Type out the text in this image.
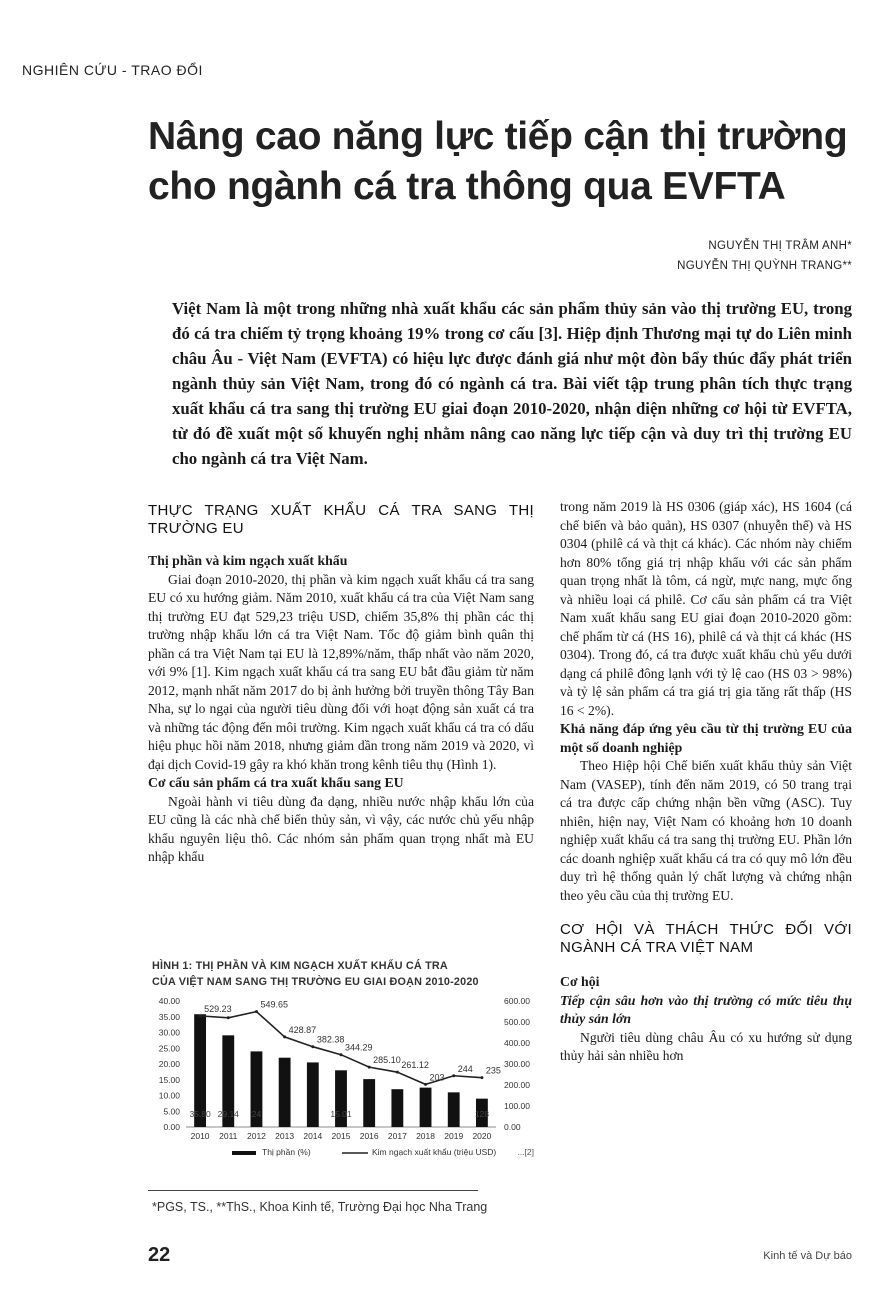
NGHIÊN CỨU - TRAO ĐỔI
Nâng cao năng lực tiếp cận thị trường
cho ngành cá tra thông qua EVFTA
NGUYỄN THỊ TRÂM ANH*
NGUYỄN THỊ QUỲNH TRANG**
Việt Nam là một trong những nhà xuất khẩu các sản phẩm thủy sản vào thị trường EU, trong đó cá tra chiếm tỷ trọng khoảng 19% trong cơ cấu [3]. Hiệp định Thương mại tự do Liên minh châu Âu - Việt Nam (EVFTA) có hiệu lực được đánh giá như một đòn bẩy thúc đẩy phát triển ngành thủy sản Việt Nam, trong đó có ngành cá tra. Bài viết tập trung phân tích thực trạng xuất khẩu cá tra sang thị trường EU giai đoạn 2010-2020, nhận diện những cơ hội từ EVFTA, từ đó đề xuất một số khuyến nghị nhằm nâng cao năng lực tiếp cận và duy trì thị trường EU cho ngành cá tra Việt Nam.
THỰC TRẠNG XUẤT KHẨU CÁ TRA SANG THỊ TRƯỜNG EU
Thị phần và kim ngạch xuất khẩu

Giai đoạn 2010-2020, thị phần và kim ngạch xuất khẩu cá tra sang EU có xu hướng giảm. Năm 2010, xuất khẩu cá tra của Việt Nam sang thị trường EU đạt 529,23 triệu USD, chiếm 35,8% thị phần các thị trường nhập khẩu lớn cá tra Việt Nam. Tốc độ giảm bình quân thị phần cá tra Việt Nam tại EU là 12,89%/năm, thấp nhất vào năm 2020, với 9% [1]. Kim ngạch xuất khẩu cá tra sang EU bắt đầu giảm từ năm 2012, mạnh nhất năm 2017 do bị ảnh hưởng bởi truyền thông Tây Ban Nha, sự lo ngại của người tiêu dùng đối với hoạt động sản xuất cá tra và những tác động đến môi trường. Kim ngạch xuất khẩu cá tra có dấu hiệu phục hồi năm 2018, nhưng giảm dần trong năm 2019 và 2020, vì đại dịch Covid-19 gây ra khó khăn trong kênh tiêu thụ (Hình 1).

Cơ cấu sản phẩm cá tra xuất khẩu sang EU

Ngoài hành vi tiêu dùng đa dạng, nhiều nước nhập khẩu lớn của EU cũng là các nhà chế biến thủy sản, vì vậy, các nước chủ yếu nhập khẩu nguyên liệu thô. Các nhóm sản phẩm quan trọng nhất mà EU nhập khẩu

trong năm 2019 là HS 0306 (giáp xác), HS 1604 (cá chế biến và bảo quản), HS 0307 (nhuyễn thể) và HS 0304 (philê cá và thịt cá khác). Các nhóm này chiếm hơn 80% tổng giá trị nhập khẩu với các sản phẩm quan trọng nhất là tôm, cá ngừ, mực nang, mực ống và nhiều loại cá philê. Cơ cấu sản phẩm cá tra Việt Nam xuất khẩu sang EU giai đoạn 2010-2020 gồm: chế phẩm từ cá (HS 16), philê cá và thịt cá khác (HS 0304). Trong đó, cá tra được xuất khẩu chủ yếu dưới dạng cá philê đông lạnh với tỷ lệ cao (HS 03 > 98%) và tỷ lệ sản phẩm cá tra giá trị gia tăng rất thấp (HS 16 < 2%).

Khả năng đáp ứng yêu cầu từ thị trường EU của một số doanh nghiệp

Theo Hiệp hội Chế biến xuất khẩu thủy sản Việt Nam (VASEP), tính đến năm 2019, có 50 trang trại cá tra được cấp chứng nhận bền vững (ASC). Tuy nhiên, hiện nay, Việt Nam có khoảng hơn 10 doanh nghiệp xuất khẩu cá tra sang thị trường EU. Phần lớn các doanh nghiệp xuất khẩu cá tra có quy mô lớn đều duy trì hệ thống quản lý chất lượng và chứng nhận theo yêu cầu của thị trường EU.

CƠ HỘI VÀ THÁCH THỨC ĐỐI VỚI NGÀNH CÁ TRA VIỆT NAM
Cơ hội
Tiếp cận sâu hơn vào thị trường có mức tiêu thụ thủy sản lớn

Người tiêu dùng châu Âu có xu hướng sử dụng thủy hải sản nhiều hơn

HÌNH 1: THỊ PHẦN VÀ KIM NGẠCH XUẤT KHẨU CÁ TRA
CỦA VIỆT NAM SANG THỊ TRƯỜNG EU GIAI ĐOẠN 2010-2020
40.00
35.00
30.00
25.00
20.00
15.00
10.00
5.00
0.00
600.00
500.00
400.00
300.00
200.00
100.00
0.00
35.80 29.14 24	15.01	128
529.23	549.65
428.87
382.38
344.29
285.10
261.12
203
244 235
2010 2011 2012 2013 2014 2015 2016 2017 2018 2019 2020
Thị phần (%)	Kim ngạch xuất khẩu (triệu USD) ...[2]
*PGS, TS., **ThS., Khoa Kinh tế, Trường Đại học Nha Trang
22	Kinh tế và Dự báo
